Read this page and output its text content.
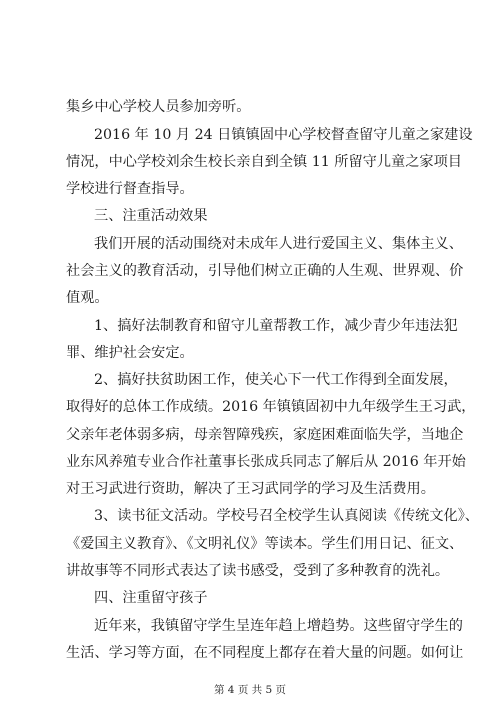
集乡中心学校人员参加旁听。
2016 年 10 月 24 日镇镇固中心学校督查留守儿童之家建设
情况，中心学校刘余生校长亲自到全镇 11 所留守儿童之家项目
学校进行督查指导。
三、注重活动效果
我们开展的活动围绕对未成年人进行爱国主义、集体主义、
社会主义的教育活动，引导他们树立正确的人生观、世界观、价
值观。
1、搞好法制教育和留守儿童帮教工作，减少青少年违法犯
罪、维护社会安定。
2、搞好扶贫助困工作，使关心下一代工作得到全面发展，
取得好的总体工作成绩。2016 年镇镇固初中九年级学生王习武，
父亲年老体弱多病，母亲智障残疾，家庭困难面临失学，当地企
业东风养殖专业合作社董事长张成兵同志了解后从 2016 年开始
对王习武进行资助，解决了王习武同学的学习及生活费用。
3、读书征文活动。学校号召全校学生认真阅读《传统文化》、
《爱国主义教育》、《文明礼仪》等读本。学生们用日记、征文、
讲故事等不同形式表达了读书感受，受到了多种教育的洗礼。
四、注重留守孩子
近年来，我镇留守学生呈连年趋上增趋势。这些留守学生的
生活、学习等方面，在不同程度上都存在着大量的问题。如何让
第 4 页 共 5 页
